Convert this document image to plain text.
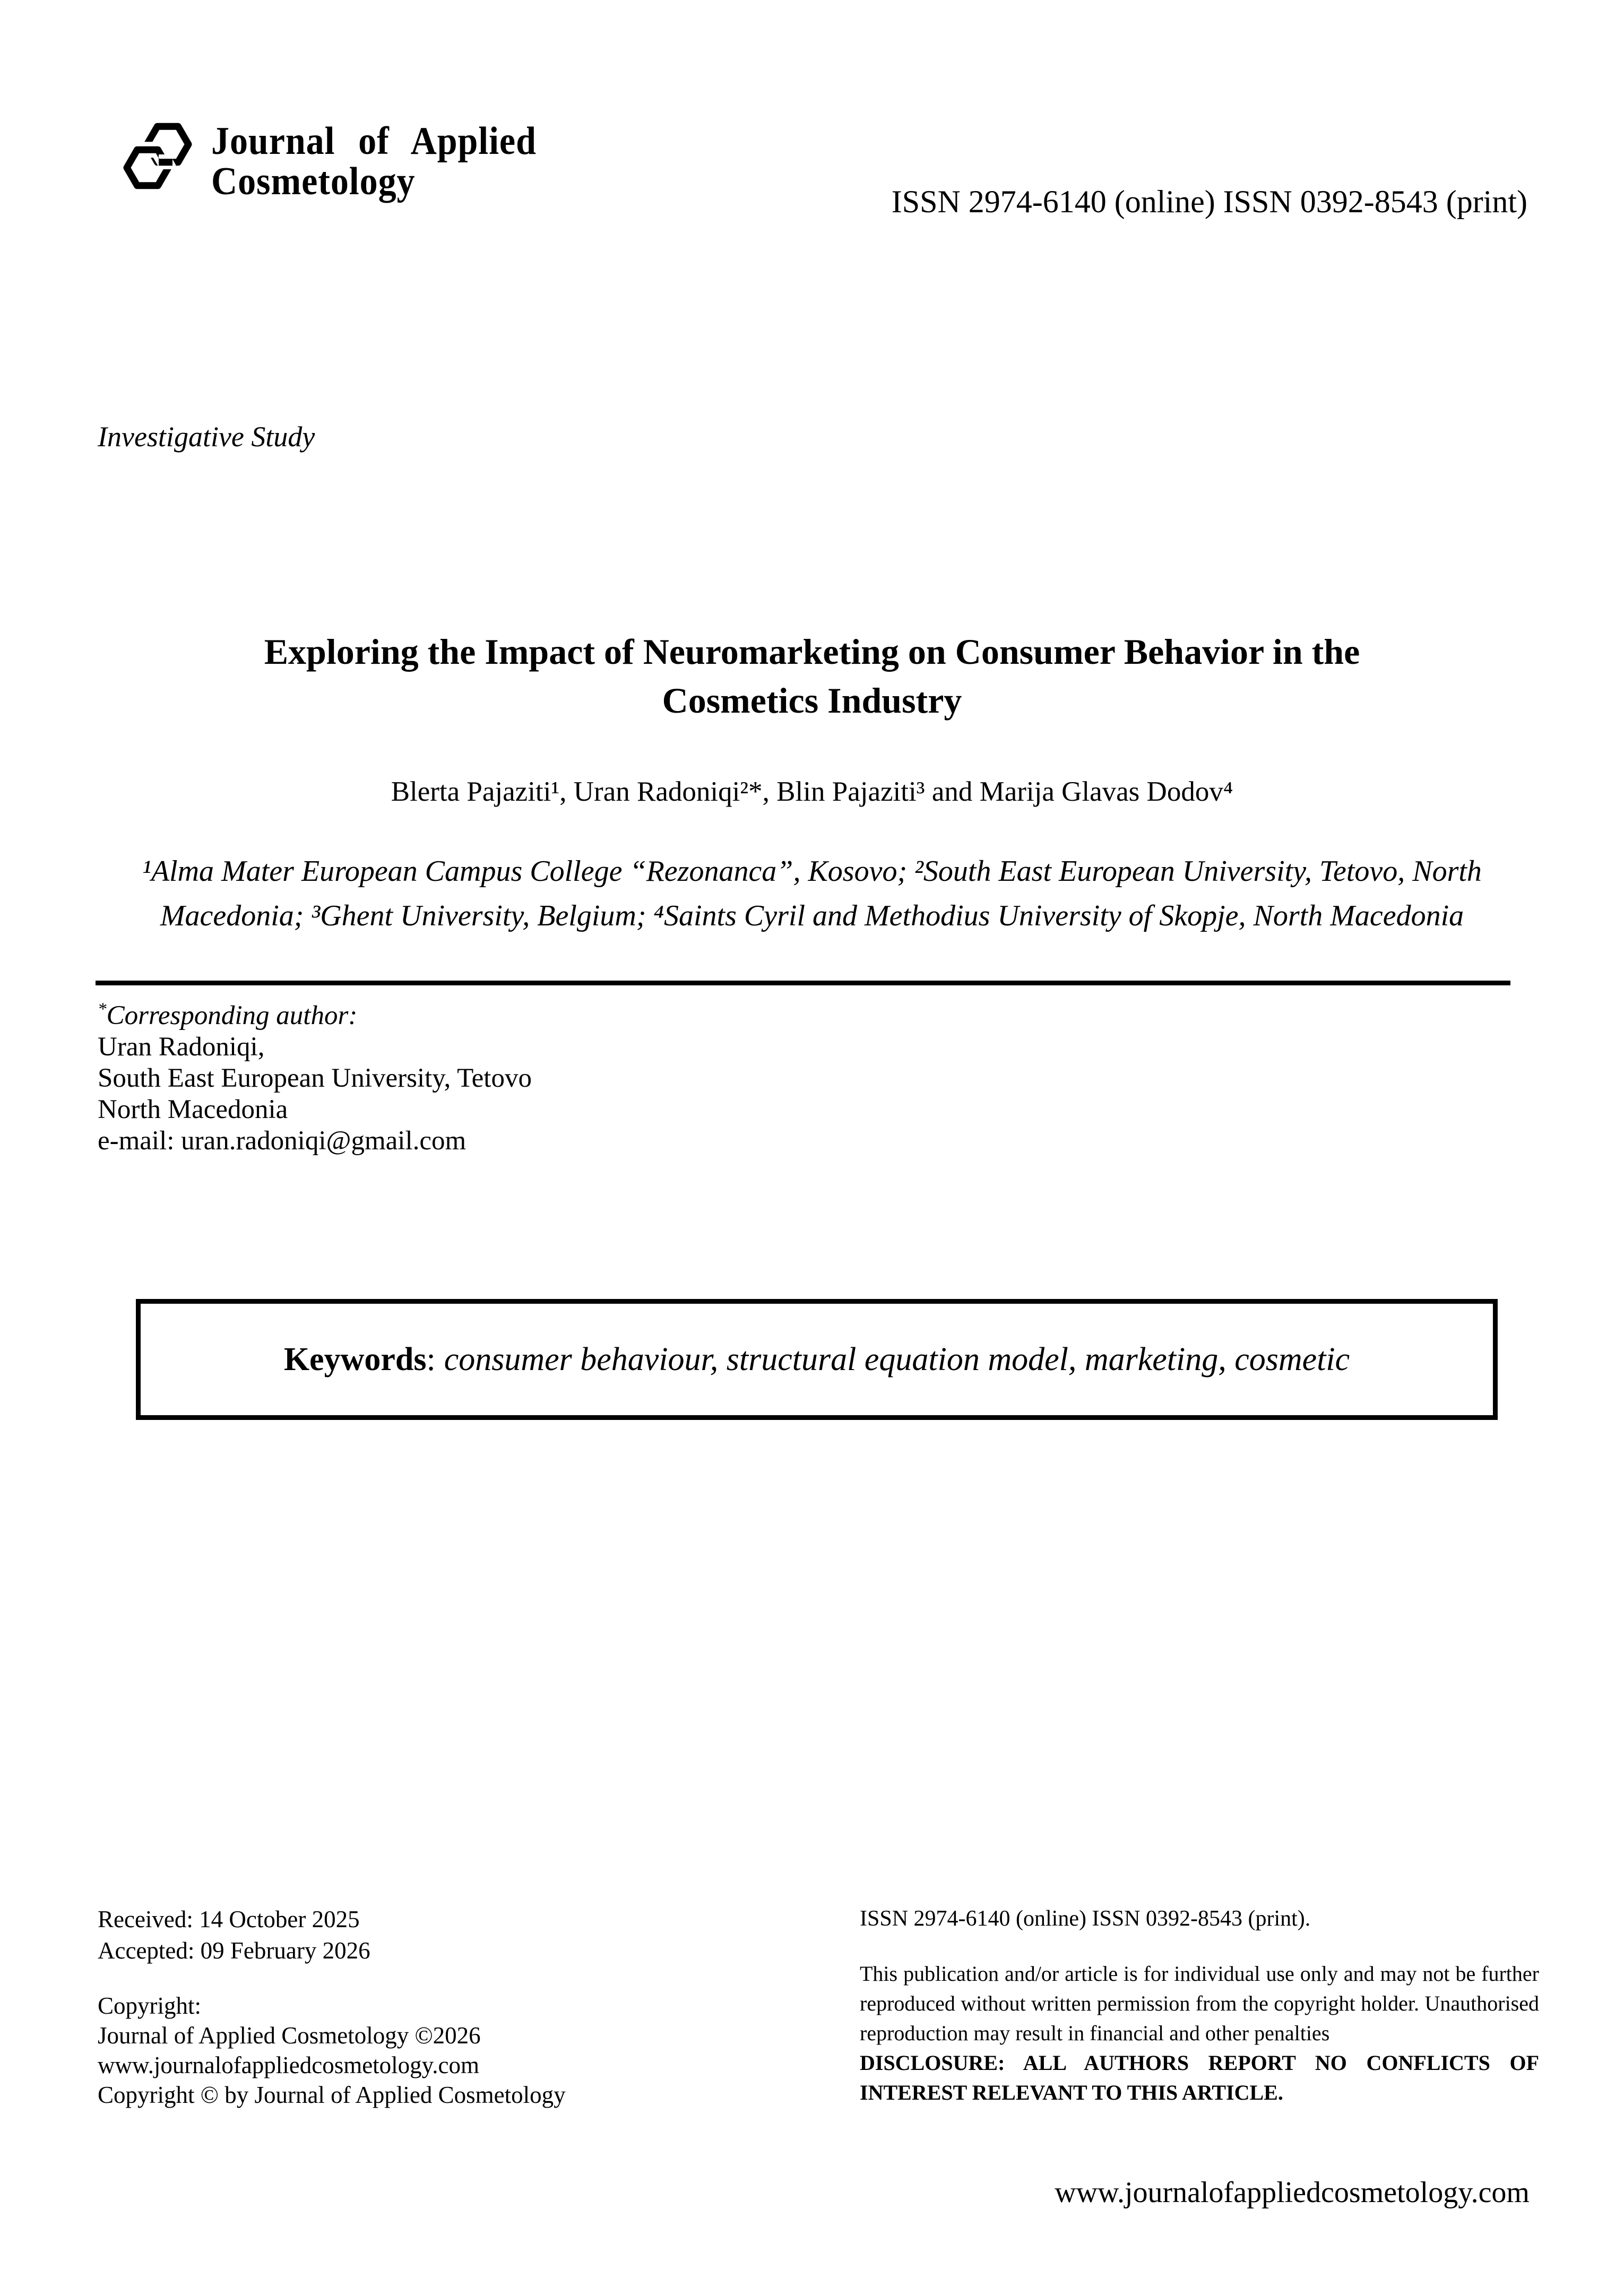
Journal of Applied
Cosmetology	ISSN 2974-6140 (online) ISSN 0392-8543 (print)
Investigative Study
Exploring the Impact of Neuromarketing on Consumer Behavior in the Cosmetics Industry
Blerta Pajaziti¹, Uran Radoniqi²*, Blin Pajaziti³ and Marija Glavas Dodov⁴
¹Alma Mater European Campus College “Rezonanca”, Kosovo; ²South East European University, Tetovo, North Macedonia; ³Ghent University, Belgium; ⁴Saints Cyril and Methodius University of Skopje, North Macedonia
*Corresponding author:
Uran Radoniqi,
South East European University, Tetovo
North Macedonia
e-mail: uran.radoniqi@gmail.com
Keywords : consumer behaviour, structural equation model, marketing, cosmetic
Received: 14 October 2025
Accepted: 09 February 2026
Copyright:
Journal of Applied Cosmetology ©2026
www.journalofappliedcosmetology.com
Copyright © by Journal of Applied Cosmetology
ISSN 2974-6140 (online) ISSN 0392-8543 (print).

This publication and/or article is for individual use only and may not be further reproduced without written permission from the copyright holder. Unauthorised reproduction may result in financial and other penalties

DISCLOSURE: ALL AUTHORS REPORT NO CONFLICTS OF INTEREST RELEVANT TO THIS ARTICLE.

www.journalofappliedcosmetology.com
